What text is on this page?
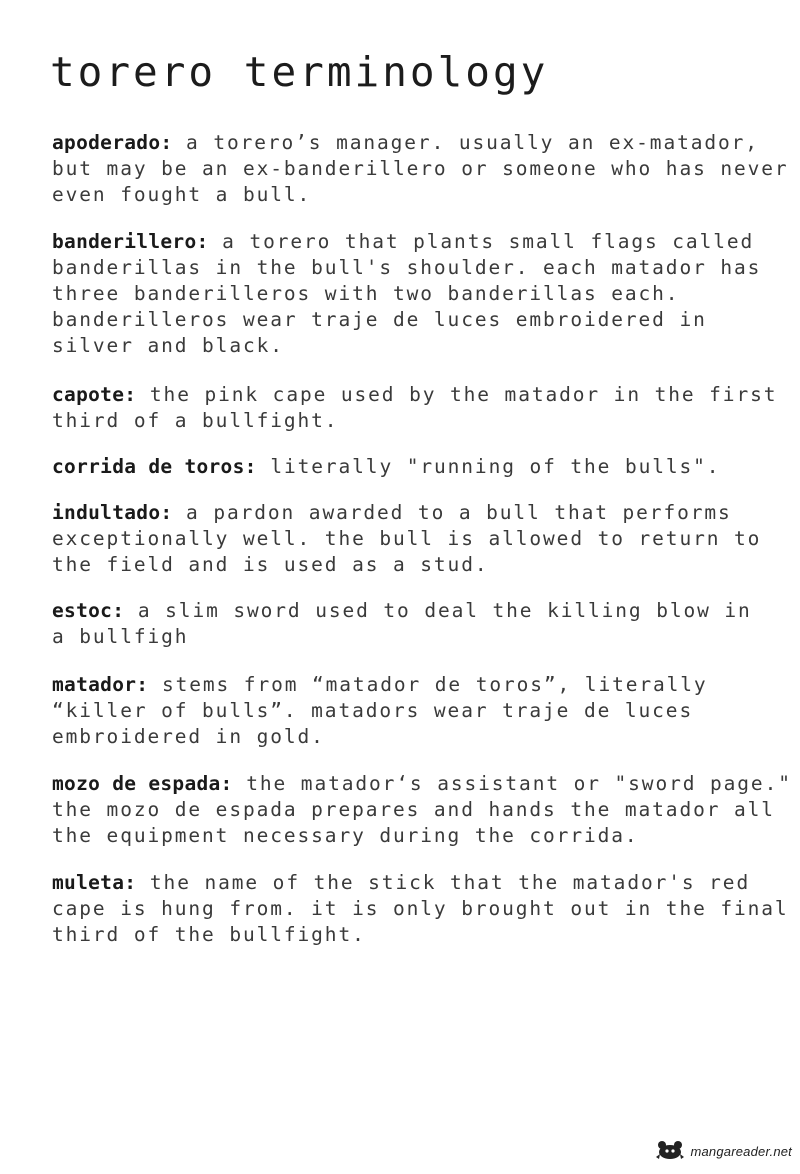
torero terminology

apoderado: a torero’s manager. usually an ex-matador,
but may be an ex-banderillero or someone who has never
even fought a bull.

banderillero: a torero that plants small flags called
banderillas in the bull's shoulder. each matador has
three banderilleros with two banderillas each.
banderilleros wear traje de luces embroidered in
silver and black.

capote: the pink cape used by the matador in the first
third of a bullfight.

corrida de toros: literally "running of the bulls".

indultado: a pardon awarded to a bull that performs
exceptionally well. the bull is allowed to return to
the field and is used as a stud.

estoc: a slim sword used to deal the killing blow in
a bullfigh

matador: stems from “matador de toros”, literally
“killer of bulls”. matadors wear traje de luces
embroidered in gold.

mozo de espada: the matador‘s assistant or "sword page."
the mozo de espada prepares and hands the matador all
the equipment necessary during the corrida.

muleta: the name of the stick that the matador's red
cape is hung from. it is only brought out in the final
third of the bullfight.

mangareader.net
